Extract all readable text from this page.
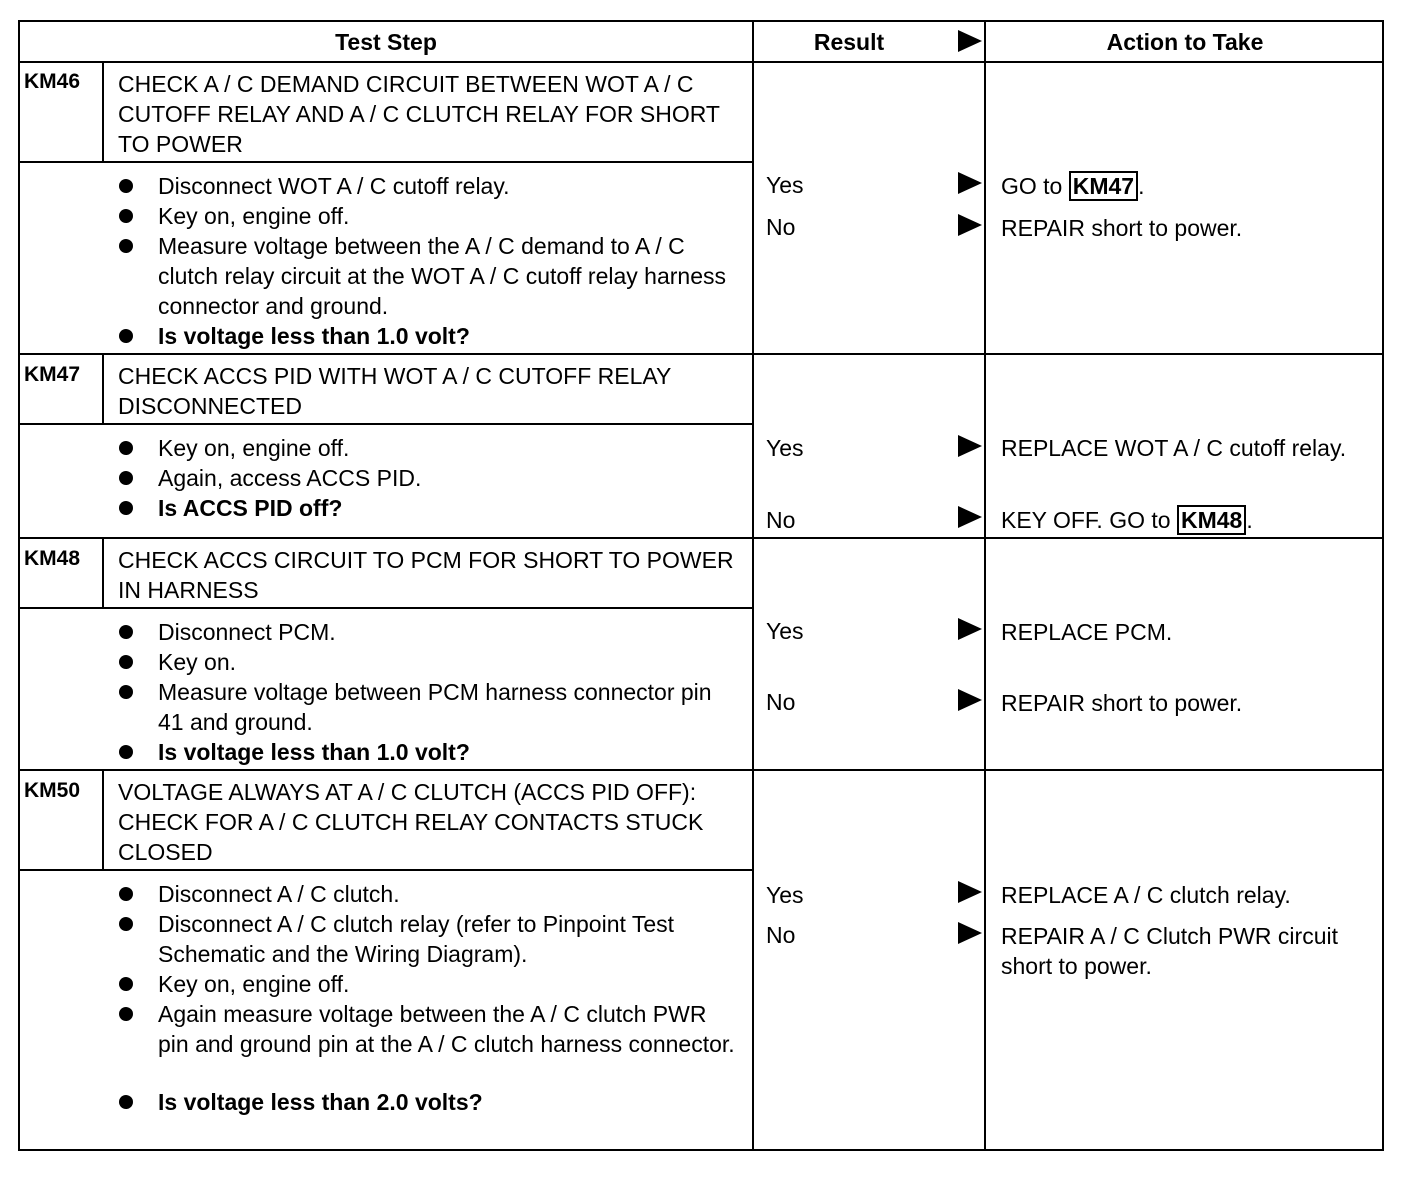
Test Step	Result	Action to Take
KM46	CHECK A / C DEMAND CIRCUIT BETWEEN WOT A / C CUTOFF RELAY AND A / C CLUTCH RELAY FOR SHORT TO POWER
Disconnect WOT A / C cutoff relay.
Key on, engine off.
Measure voltage between the A / C demand to A / C clutch relay circuit at the WOT A / C cutoff relay harness connector and ground.
Is voltage less than 1.0 volt?
Yes	GO to KM47 .
No	REPAIR short to power.
KM47	CHECK ACCS PID WITH WOT A / C CUTOFF RELAY DISCONNECTED
Key on, engine off.
Again, access ACCS PID.
Is ACCS PID off?
Yes	REPLACE WOT A / C cutoff relay.
No	KEY OFF. GO to KM48 .
KM48	CHECK ACCS CIRCUIT TO PCM FOR SHORT TO POWER IN HARNESS
Disconnect PCM.
Key on.
Measure voltage between PCM harness connector pin 41 and ground.
Is voltage less than 1.0 volt?
Yes	REPLACE PCM.
No	REPAIR short to power.
KM50	VOLTAGE ALWAYS AT A / C CLUTCH (ACCS PID OFF): CHECK FOR A / C CLUTCH RELAY CONTACTS STUCK CLOSED
Disconnect A / C clutch.
Disconnect A / C clutch relay (refer to Pinpoint Test Schematic and the Wiring Diagram).
Key on, engine off.
Again measure voltage between the A / C clutch PWR pin and ground pin at the A / C clutch harness connector.
Is voltage less than 2.0 volts?
Yes	REPLACE A / C clutch relay.
No	REPAIR A / C Clutch PWR circuit short to power.
